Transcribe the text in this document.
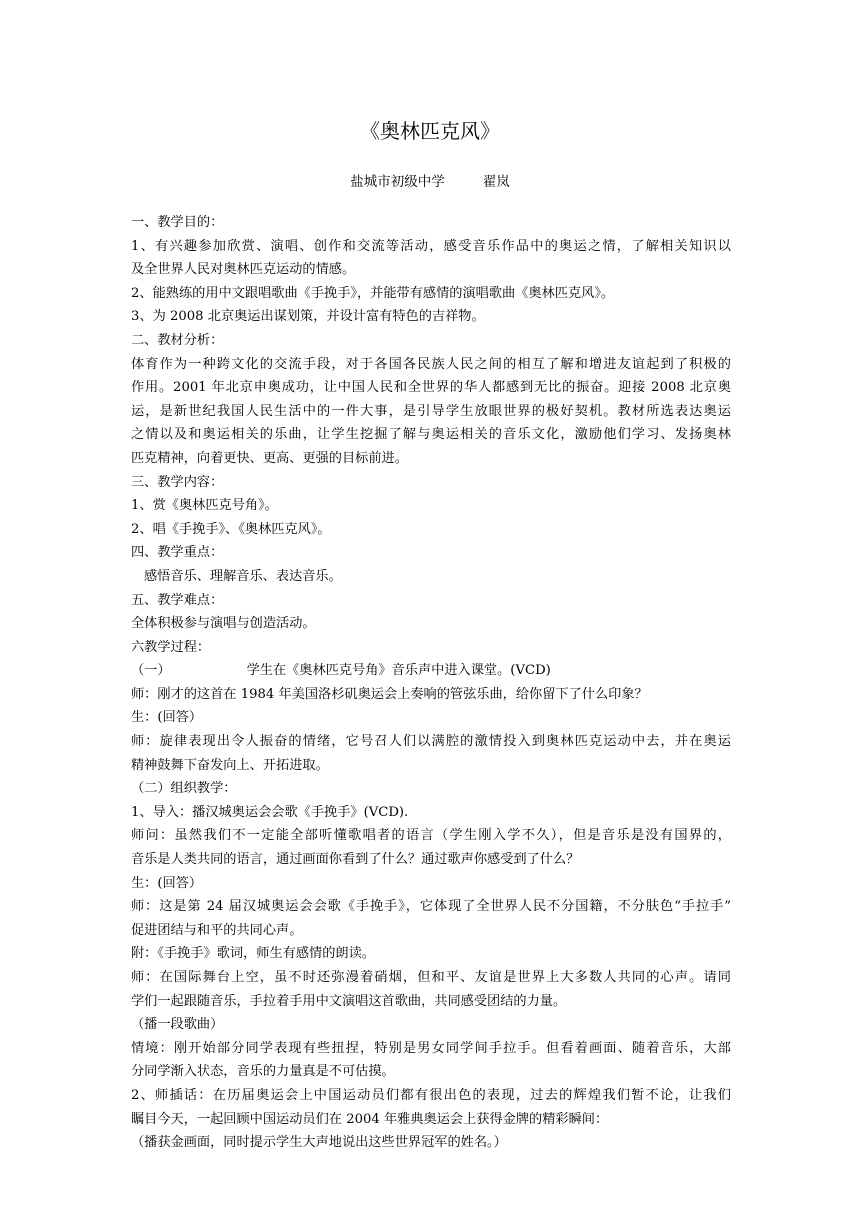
《奥林匹克风》
盐城市初级中学	翟岚
一、教学目的：
1、有兴趣参加欣赏、演唱、创作和交流等活动，感受音乐作品中的奥运之情，了解相关知识以
及全世界人民对奥林匹克运动的情感。
2、能熟练的用中文跟唱歌曲《手挽手》，并能带有感情的演唱歌曲《奥林匹克风》。
3、为 2008 北京奥运出谋划策，并设计富有特色的吉祥物。
二、教材分析：
体育作为一种跨文化的交流手段，对于各国各民族人民之间的相互了解和增进友谊起到了积极的
作用。2001 年北京申奥成功，让中国人民和全世界的华人都感到无比的振奋。迎接 2008 北京奥
运，是新世纪我国人民生活中的一件大事，是引导学生放眼世界的极好契机。教材所选表达奥运
之情以及和奥运相关的乐曲，让学生挖掘了解与奥运相关的音乐文化，激励他们学习、发扬奥林
匹克精神，向着更快、更高、更强的目标前进。
三、教学内容：
1、赏《奥林匹克号角》。
2、唱《手挽手》、《奥林匹克风》。
四、教学重点：
感悟音乐、理解音乐、表达音乐。
五、教学难点：
全体积极参与演唱与创造活动。
六教学过程：
（一）	学生在《奥林匹克号角》音乐声中进入课堂。(VCD)
师：刚才的这首在 1984 年美国洛杉矶奥运会上奏响的管弦乐曲，给你留下了什么印象？
生：(回答）
师：旋律表现出令人振奋的情绪，它号召人们以满腔的激情投入到奥林匹克运动中去，并在奥运
精神鼓舞下奋发向上、开拓进取。
（二）组织教学：
1、导入：播汉城奥运会会歌《手挽手》(VCD).
师问：虽然我们不一定能全部听懂歌唱者的语言（学生刚入学不久），但是音乐是没有国界的，
音乐是人类共同的语言，通过画面你看到了什么？通过歌声你感受到了什么？
生：(回答）
师：这是第 24 届汉城奥运会会歌《手挽手》，它体现了全世界人民不分国籍，不分肤色“手拉手”
促进团结与和平的共同心声。
附：《手挽手》歌词，师生有感情的朗读。
师：在国际舞台上空，虽不时还弥漫着硝烟，但和平、友谊是世界上大多数人共同的心声。请同
学们一起跟随音乐，手拉着手用中文演唱这首歌曲，共同感受团结的力量。
（播一段歌曲）
情境：刚开始部分同学表现有些扭捏，特别是男女同学间手拉手。但看着画面、随着音乐，大部
分同学渐入状态，音乐的力量真是不可估摸。
2、师插话：在历届奥运会上中国运动员们都有很出色的表现，过去的辉煌我们暂不论，让我们
瞩目今天，一起回顾中国运动员们在 2004 年雅典奥运会上获得金牌的精彩瞬间：
（播获金画面，同时提示学生大声地说出这些世界冠军的姓名。）
